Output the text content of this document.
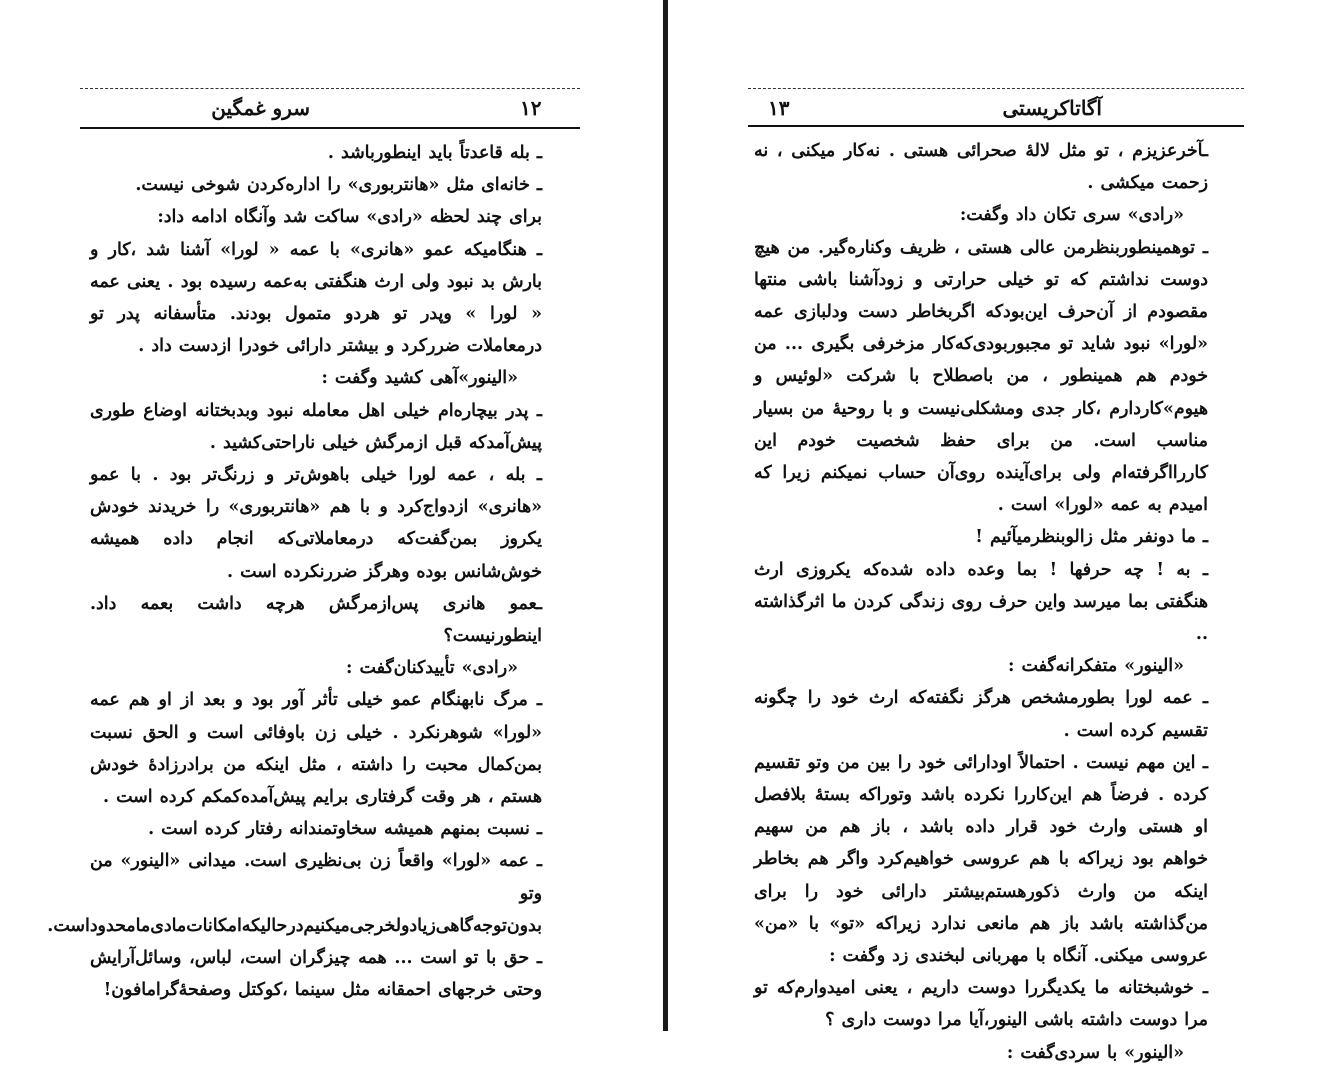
سرو غمگین	۱۲

ـ بله قاعدتاً باید اینطورباشد .

ـ خانه‌ای مثل «هانتربوری» را اداره‌کردن شوخی نیست.

برای چند لحظه «رادی» ساکت شد وآنگاه ادامه داد:

ـ هنگامیکه عمو «هانری» با عمه « لورا» آشنا شد ،کار و بارش بد نبود ولی ارث هنگفتی به‌عمه رسیده بود . یعنی عمه « لورا » وپدر تو هردو متمول بودند. متأسفانه پدر تو درمعاملات ضررکرد و بیشتر دارائی خودرا ازدست داد .

«الینور»آهی کشید وگفت :

ـ پدر بیچاره‌ام خیلی اهل معامله نبود وبدبختانه اوضاع طوری پیش‌آمدکه قبل ازمرگش خیلی ناراحتی‌کشید .

ـ بله ، عمه لورا خیلی باهوش‌تر و زرنگ‌تر بود . با عمو «هانری» ازدواج‌کرد و با هم «هانتربوری» را خریدند خودش یکروز بمن‌گفت‌که درمعاملاتی‌که انجام داده همیشه خوش‌شانس بوده وهرگز ضررنکرده است .

ـعمو هانری پس‌ازمرگش هرچه داشت بعمه داد. اینطورنیست؟

«رادی» تأییدکنان‌گفت :

ـ مرگ نابهنگام عمو خیلی تأثر آور بود و بعد از او هم عمه «لورا» شوهرنکرد . خیلی زن باوفائی است و الحق نسبت بمن‌کمال محبت را داشته ، مثل اینکه من برادرزادهٔ خودش هستم ، هر وقت گرفتاری برایم پیش‌آمده‌کمکم کرده است .

ـ نسبت بمنهم همیشه سخاوتمندانه رفتار کرده است .

ـ عمه «لورا» واقعاً زن بی‌نظیری است. میدانی «الینور» من وتو بدون‌توجه‌گاهی‌زیادولخرجی‌میکنیم‌درحالیکه‌امکانات‌مادی‌مامحدوداست.

ـ حق با تو است ... همه چیزگران است، لباس، وسائل‌آرایش وحتی خرجهای احمقانه مثل سینما ،کوکتل وصفحهٔ‌گرامافون!

آگاتاکریستی
۱۳

ـآخرعزیزم ، تو مثل لالهٔ صحرائی هستی . نه‌کار میکنی ، نه زحمت میکشی .

«رادی» سری تکان داد وگفت:

ـ توهمینطوربنظرمن عالی هستی ، ظریف وکناره‌گیر. من هیچ دوست نداشتم که تو خیلی حرارتی و زودآشنا باشی منتها مقصودم از آن‌حرف این‌بودکه اگربخاطر دست ودلبازی عمه «لورا» نبود شاید تو مجبوربودی‌که‌کار مزخرفی بگیری ... من خودم هم همینطور ، من باصطلاح با شرکت «لوئیس و هیوم»کاردارم ،کار جدی ومشکلی‌نیست و با روحیهٔ من بسیار مناسب است. من برای حفظ شخصیت خودم این کاررااگرفته‌ام ولی برای‌آینده روی‌آن حساب نمیکنم زیرا که امیدم به عمه «لورا» است .

ـ ما دونفر مثل زالوبنظرمیآئیم !

ـ به ! چه حرفها ! بما وعده داده شده‌که یکروزی ارث هنگفتی بما میرسد واین حرف روی زندگی کردن ما اثرگذاشته ..

«الینور» متفکرانه‌گفت :

ـ عمه لورا بطورمشخص هرگز نگفته‌که ارث خود را چگونه تقسیم کرده است .

ـ این مهم نیست . احتمالاً اودارائی خود را بین من وتو تقسیم کرده . فرضاً هم این‌کاررا نکرده باشد وتوراکه بستهٔ بلافصل او هستی وارث خود قرار داده باشد ، باز هم من سهیم خواهم بود زیراکه با هم عروسی خواهیم‌کرد واگر هم بخاطر اینکه من وارث ذکورهستم‌بیشتر دارائی خود را برای من‌گذاشته باشد باز هم مانعی ندارد زیراکه «تو» با «من» عروسی میکنی. آنگاه با مهربانی لبخندی زد وگفت :

ـ خوشبختانه ما یکدیگررا دوست داریم ، یعنی امیدوارم‌که تو مرا دوست داشته باشی الینور،آیا مرا دوست داری ؟

«الینور» با سردی‌گفت :
